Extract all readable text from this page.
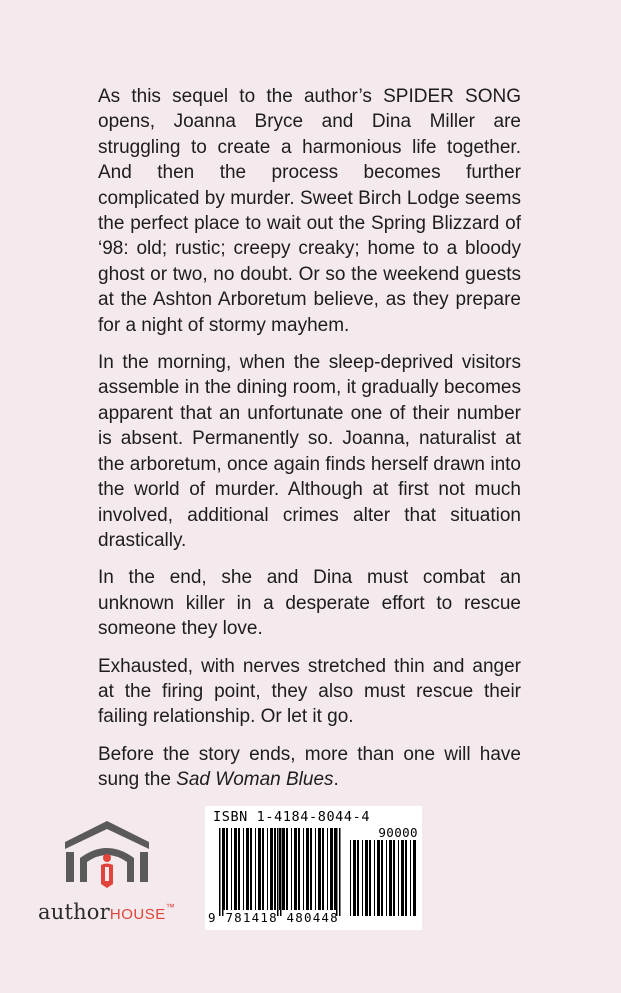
As this sequel to the author’s SPIDER SONG opens, Joanna Bryce and Dina Miller are struggling to create a harmonious life together. And then the process becomes further complicated by murder. Sweet Birch Lodge seems the perfect place to wait out the Spring Blizzard of ‘98: old; rustic; creepy creaky; home to a bloody ghost or two, no doubt. Or so the weekend guests at the Ashton Arboretum believe, as they prepare for a night of stormy mayhem.

In the morning, when the sleep-deprived visitors assemble in the dining room, it gradually becomes apparent that an unfortunate one of their number is absent. Permanently so. Joanna, naturalist at the arboretum, once again finds herself drawn into the world of murder. Although at first not much involved, additional crimes alter that situation drastically.

In the end, she and Dina must combat an unknown killer in a desperate effort to rescue someone they love.

Exhausted, with nerves stretched thin and anger at the firing point, they also must rescue their failing relationship. Or let it go.

Before the story ends, more than one will have sung the Sad Woman Blues.

authorHOUSE™
ISBN 1-4184-8044-4
90000
9 781418 480448
